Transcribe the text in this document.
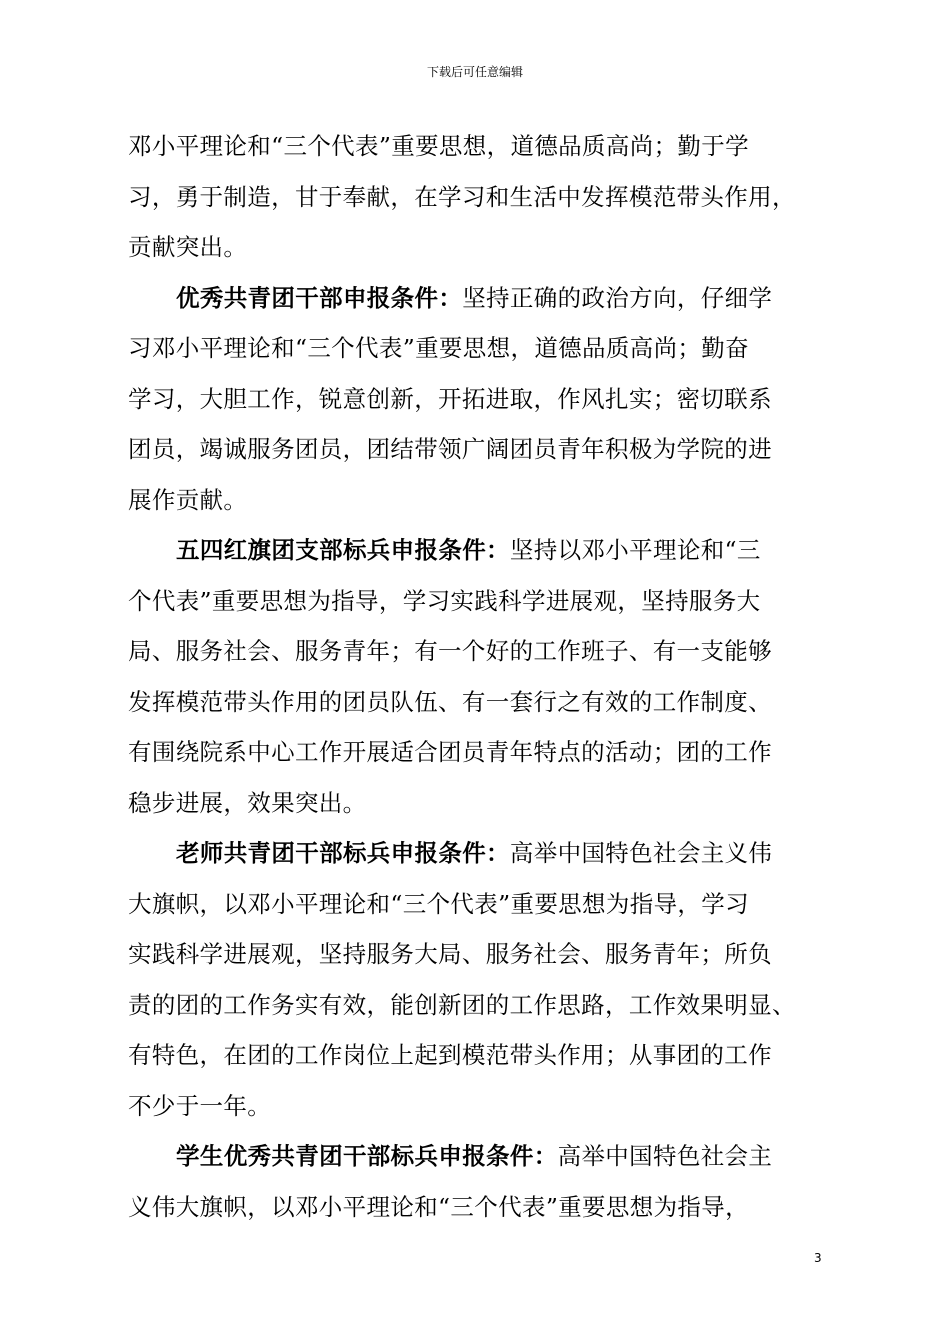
下载后可任意编辑
邓小平理论和“三个代表”重要思想，道德品质高尚；勤于学
习，勇于制造，甘于奉献，在学习和生活中发挥模范带头作用，
贡献突出。
优秀共青团干部申报条件：坚持正确的政治方向，仔细学
习邓小平理论和“三个代表”重要思想，道德品质高尚；勤奋
学习，大胆工作，锐意创新，开拓进取，作风扎实；密切联系
团员，竭诚服务团员，团结带领广阔团员青年积极为学院的进
展作贡献。
五四红旗团支部标兵申报条件：坚持以邓小平理论和“三
个代表”重要思想为指导，学习实践科学进展观，坚持服务大
局、服务社会、服务青年；有一个好的工作班子、有一支能够
发挥模范带头作用的团员队伍、有一套行之有效的工作制度、
有围绕院系中心工作开展适合团员青年特点的活动；团的工作
稳步进展，效果突出。
老师共青团干部标兵申报条件：高举中国特色社会主义伟
大旗帜，以邓小平理论和“三个代表”重要思想为指导，学习
实践科学进展观，坚持服务大局、服务社会、服务青年；所负
责的团的工作务实有效，能创新团的工作思路，工作效果明显、
有特色，在团的工作岗位上起到模范带头作用；从事团的工作
不少于一年。
学生优秀共青团干部标兵申报条件：高举中国特色社会主
义伟大旗帜，以邓小平理论和“三个代表”重要思想为指导，
3
